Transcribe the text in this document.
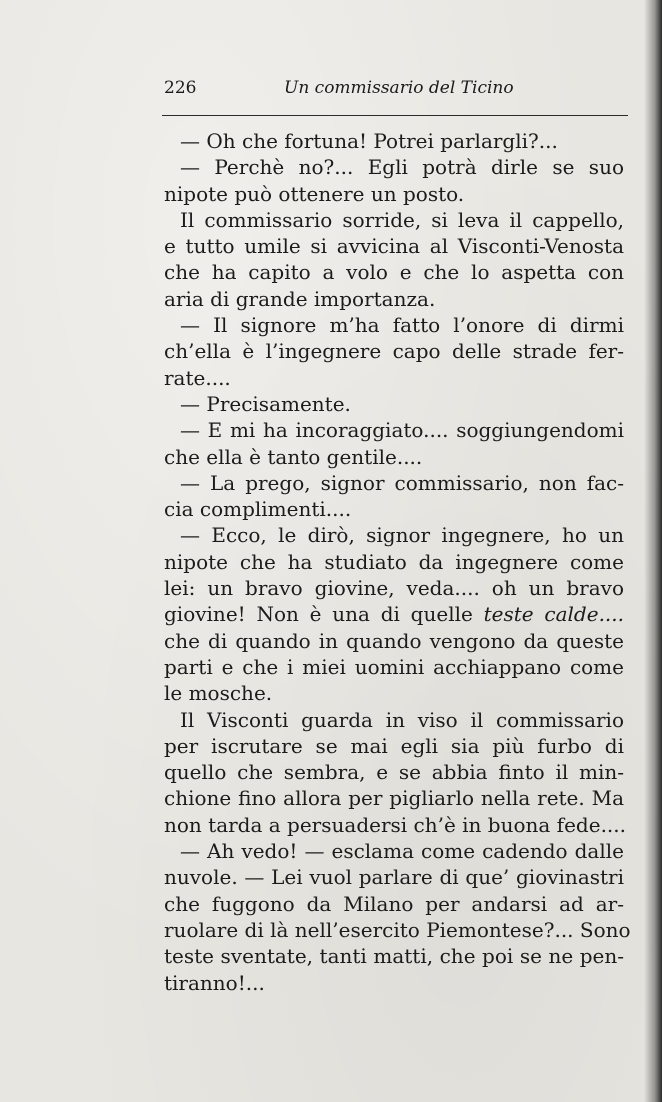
226	Un commissario del Ticino
— Oh che fortuna! Potrei parlargli?...
— Perchè no?... Egli potrà dirle se suo
nipote può ottenere un posto.
Il commissario sorride, si leva il cappello,
e tutto umile si avvicina al Visconti-Venosta
che ha capito a volo e che lo aspetta con
aria di grande importanza.
— Il signore m’ha fatto l’onore di dirmi
ch’ella è l’ingegnere capo delle strade fer-
rate....
— Precisamente.
— E mi ha incoraggiato.... soggiungendomi
che ella è tanto gentile....
— La prego, signor commissario, non fac-
cia complimenti....
— Ecco, le dirò, signor ingegnere, ho un
nipote che ha studiato da ingegnere come
lei: un bravo giovine, veda.... oh un bravo
giovine! Non è una di quelle teste calde....
che di quando in quando vengono da queste
parti e che i miei uomini acchiappano come
le mosche.
Il Visconti guarda in viso il commissario
per iscrutare se mai egli sia più furbo di
quello che sembra, e se abbia finto il min-
chione fino allora per pigliarlo nella rete. Ma
non tarda a persuadersi ch’è in buona fede....
— Ah vedo! — esclama come cadendo dalle
nuvole. — Lei vuol parlare di que’ giovinastri
che fuggono da Milano per andarsi ad ar-
ruolare di là nell’esercito Piemontese?... Sono
teste sventate, tanti matti, che poi se ne pen-
tiranno!...
